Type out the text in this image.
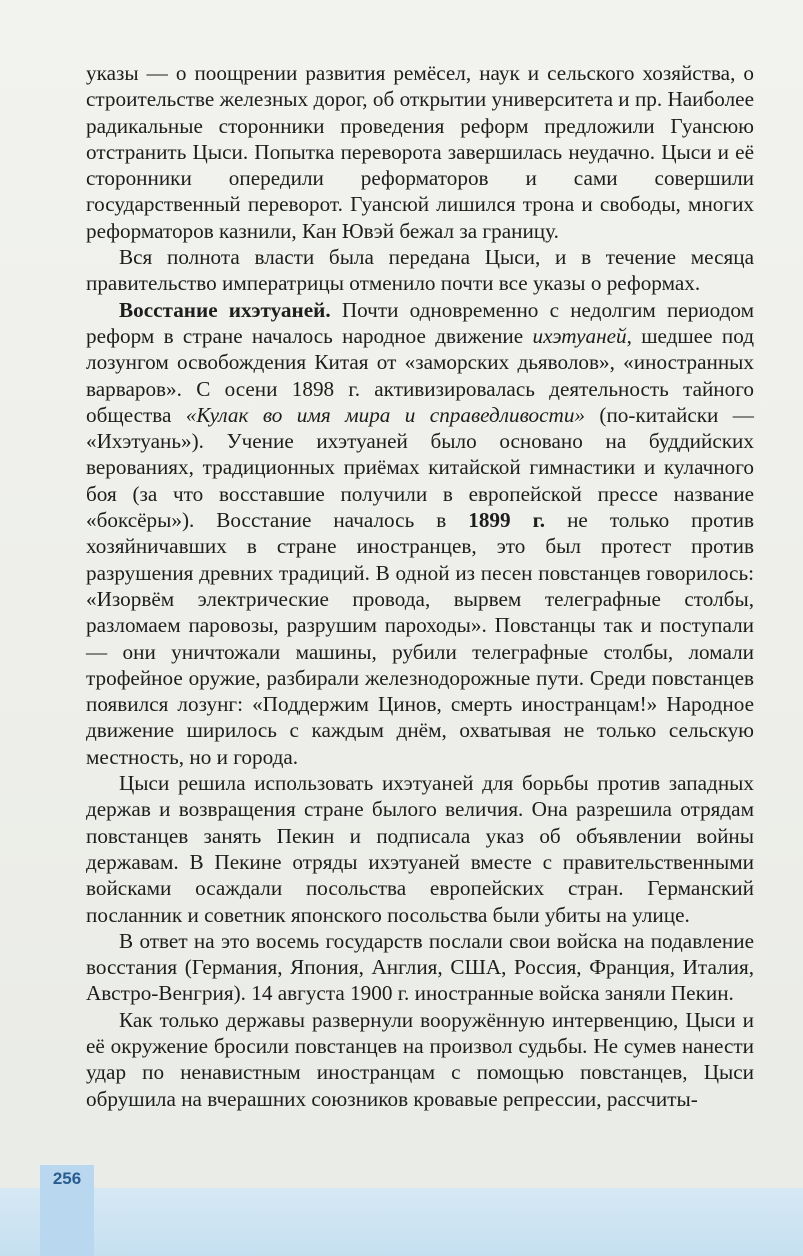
указы — о поощрении развития ремёсел, наук и сельского хозяйства, о строительстве железных дорог, об открытии университета и пр. Наиболее радикальные сторонники проведения реформ предложили Гуансюю отстранить Цыси. Попытка переворота завершилась неудачно. Цыси и её сторонники опередили реформаторов и сами совершили государственный переворот. Гуансюй лишился трона и свободы, многих реформаторов казнили, Кан Ювэй бежал за границу.

Вся полнота власти была передана Цыси, и в течение месяца правительство императрицы отменило почти все указы о реформах.

Восстание ихэтуаней. Почти одновременно с недолгим периодом реформ в стране началось народное движение ихэтуаней, шедшее под лозунгом освобождения Китая от «заморских дьяволов», «иностранных варваров». С осени 1898 г. активизировалась деятельность тайного общества «Кулак во имя мира и справедливости» (по-китайски — «Ихэтуань»). Учение ихэтуаней было основано на буддийских верованиях, традиционных приёмах китайской гимнастики и кулачного боя (за что восставшие получили в европейской прессе название «боксёры»). Восстание началось в 1899 г. не только против хозяйничавших в стране иностранцев, это был протест против разрушения древних традиций. В одной из песен повстанцев говорилось: «Изорвём электрические провода, вырвем телеграфные столбы, разломаем паровозы, разрушим пароходы». Повстанцы так и поступали — они уничтожали машины, рубили телеграфные столбы, ломали трофейное оружие, разбирали железнодорожные пути. Среди повстанцев появился лозунг: «Поддержим Цинов, смерть иностранцам!» Народное движение ширилось с каждым днём, охватывая не только сельскую местность, но и города.

Цыси решила использовать ихэтуаней для борьбы против западных держав и возвращения стране былого величия. Она разрешила отрядам повстанцев занять Пекин и подписала указ об объявлении войны державам. В Пекине отряды ихэтуаней вместе с правительственными войсками осаждали посольства европейских стран. Германский посланник и советник японского посольства были убиты на улице.

В ответ на это восемь государств послали свои войска на подавление восстания (Германия, Япония, Англия, США, Россия, Франция, Италия, Австро-Венгрия). 14 августа 1900 г. иностранные войска заняли Пекин.

Как только державы развернули вооружённую интервенцию, Цыси и её окружение бросили повстанцев на произвол судьбы. Не сумев нанести удар по ненавистным иностранцам с помощью повстанцев, Цыси обрушила на вчерашних союзников кровавые репрессии, рассчиты-

256
